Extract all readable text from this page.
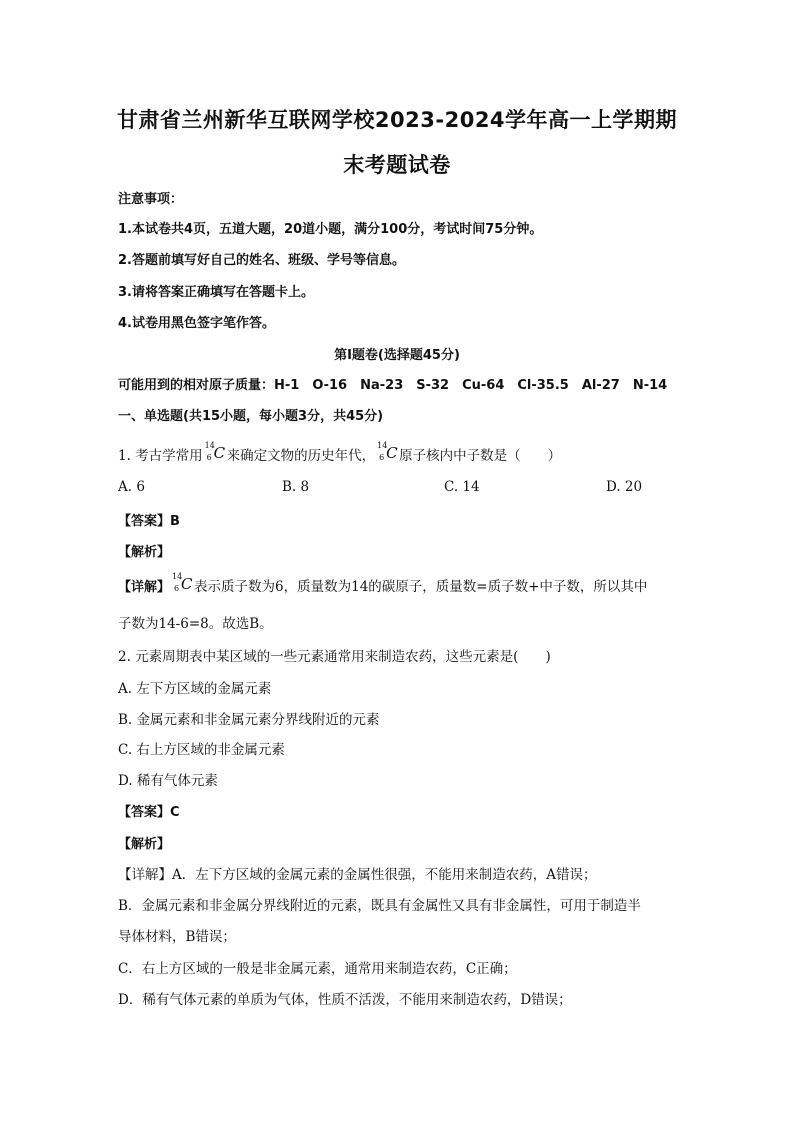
甘肃省兰州新华互联网学校2023-2024学年高一上学期期
末考题试卷
注意事项：
1.本试卷共4页，五道大题，20道小题，满分100分，考试时间75分钟。
2.答题前填写好自己的姓名、班级、学号等信息。
3.请将答案正确填写在答题卡上。
4.试卷用黑色签字笔作答。
第I题卷(选择题45分)
可能用到的相对原子质量：H-1　O-16　Na-23　S-32　Cu-64　Cl-35.5　Al-27　N-14
一、单选题(共15小题，每小题3分，共45分)
1. 考古学常用
14
6 C 来确定文物的历史年代，
14
6 C 原子核内中子数是（　　）
A. 6	B. 8	C. 14	D. 20
【答案】B
【解析】
【详解】
14
6 C 表示质子数为6，质量数为14的碳原子，质量数=质子数+中子数，所以其中
子数为14-6=8。故选B。
2. 元素周期表中某区域的一些元素通常用来制造农药，这些元素是(　　)
A. 左下方区域的金属元素
B. 金属元素和非金属元素分界线附近的元素
C. 右上方区域的非金属元素
D. 稀有气体元素
【答案】C
【解析】
【详解】A．左下方区域的金属元素的金属性很强，不能用来制造农药，A错误；
B．金属元素和非金属分界线附近的元素，既具有金属性又具有非金属性，可用于制造半
导体材料，B错误；
C．右上方区域的一般是非金属元素，通常用来制造农药，C正确；
D．稀有气体元素的单质为气体，性质不活泼，不能用来制造农药，D错误；
